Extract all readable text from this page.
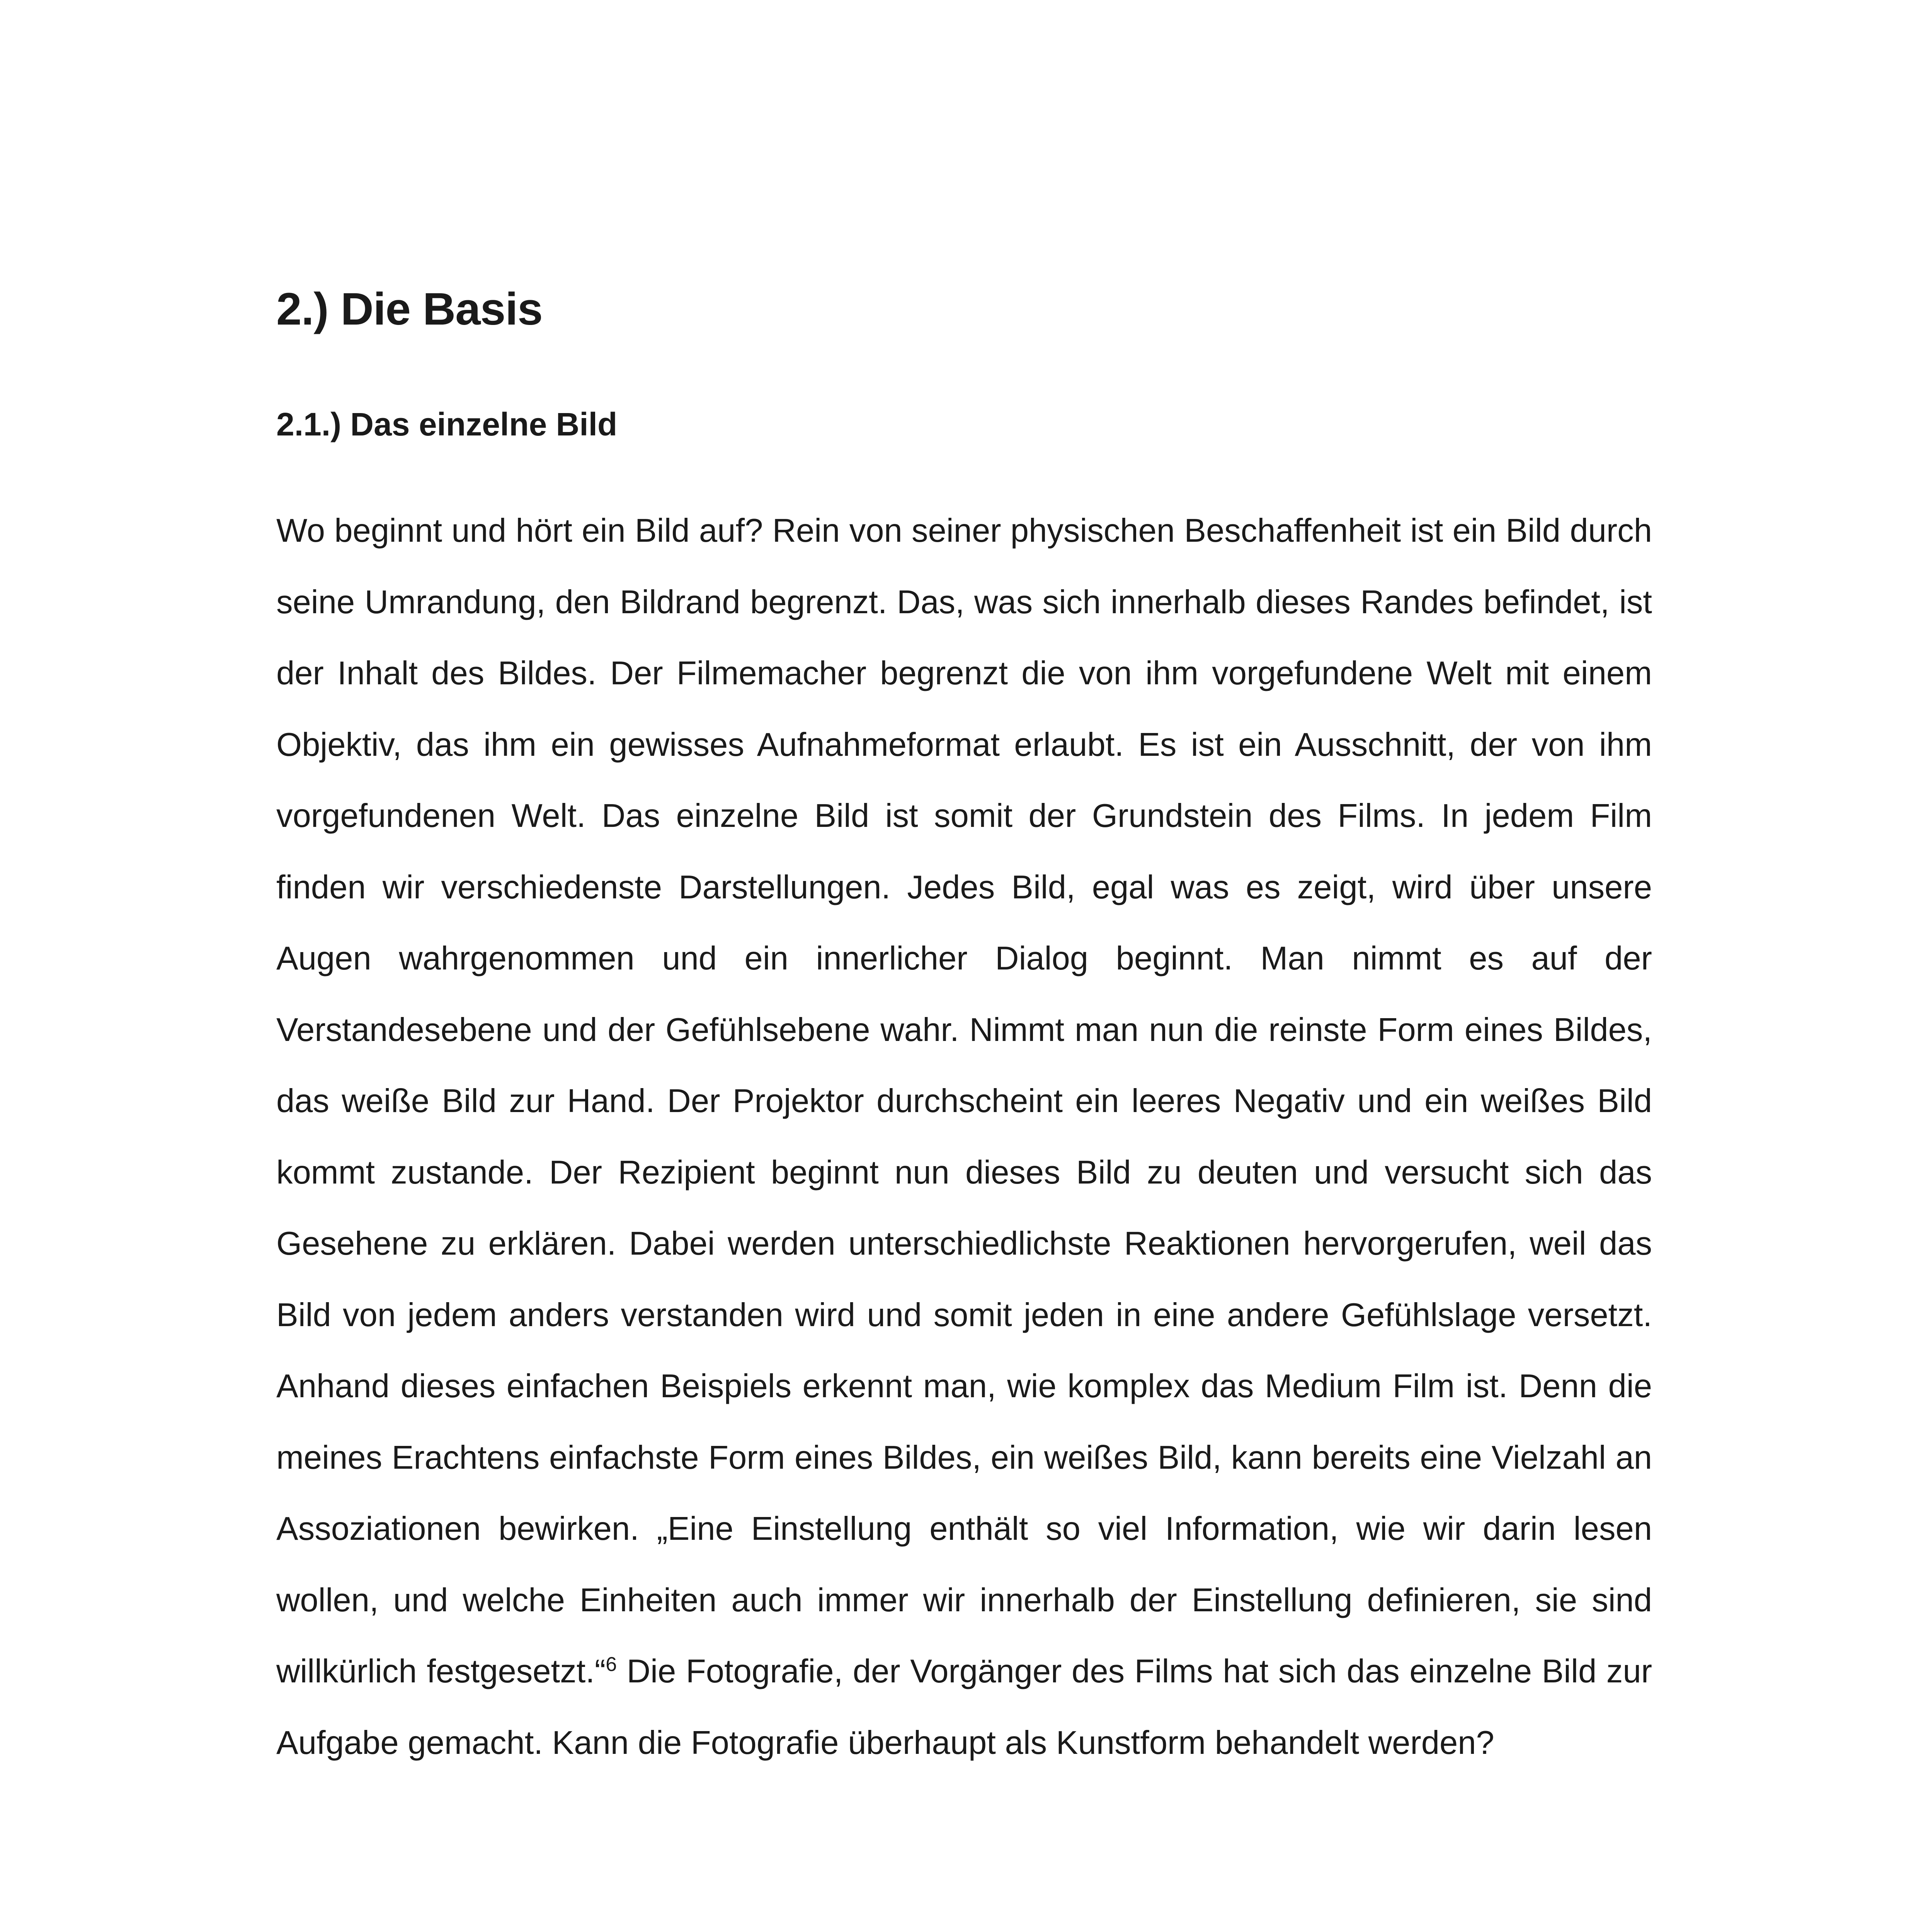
2.) Die Basis
2.1.) Das einzelne Bild

Wo beginnt und hört ein Bild auf? Rein von seiner physischen Beschaffenheit ist ein Bild durch seine Umrandung, den Bildrand begrenzt. Das, was sich innerhalb dieses Randes befindet, ist der Inhalt des Bildes. Der Filmemacher begrenzt die von ihm vorgefundene Welt mit einem Objektiv, das ihm ein gewisses Aufnahmeformat erlaubt. Es ist ein Ausschnitt, der von ihm vorgefundenen Welt. Das einzelne Bild ist somit der Grundstein des Films. In jedem Film finden wir verschiedenste Darstellungen. Jedes Bild, egal was es zeigt, wird über unsere Augen wahrgenommen und ein innerlicher Dialog beginnt. Man nimmt es auf der Verstandesebene und der Gefühlsebene wahr. Nimmt man nun die reinste Form eines Bildes, das weiße Bild zur Hand. Der Projektor durchscheint ein leeres Negativ und ein weißes Bild kommt zustande. Der Rezipient beginnt nun dieses Bild zu deuten und versucht sich das Gesehene zu erklären. Dabei werden unterschiedlichste Reaktionen hervorgerufen, weil das Bild von jedem anders verstanden wird und somit jeden in eine andere Gefühlslage versetzt. Anhand dieses einfachen Beispiels erkennt man, wie komplex das Medium Film ist. Denn die meines Erachtens einfachste Form eines Bildes, ein weißes Bild, kann bereits eine Vielzahl an Assoziationen bewirken. „Eine Einstellung enthält so viel Information, wie wir darin lesen wollen, und welche Einheiten auch immer wir innerhalb der Einstellung definieren, sie sind willkürlich festgesetzt.“$^6$ Die Fotografie, der Vorgänger des Films hat sich das einzelne Bild zur Aufgabe gemacht. Kann die Fotografie überhaupt als Kunstform behandelt werden?
